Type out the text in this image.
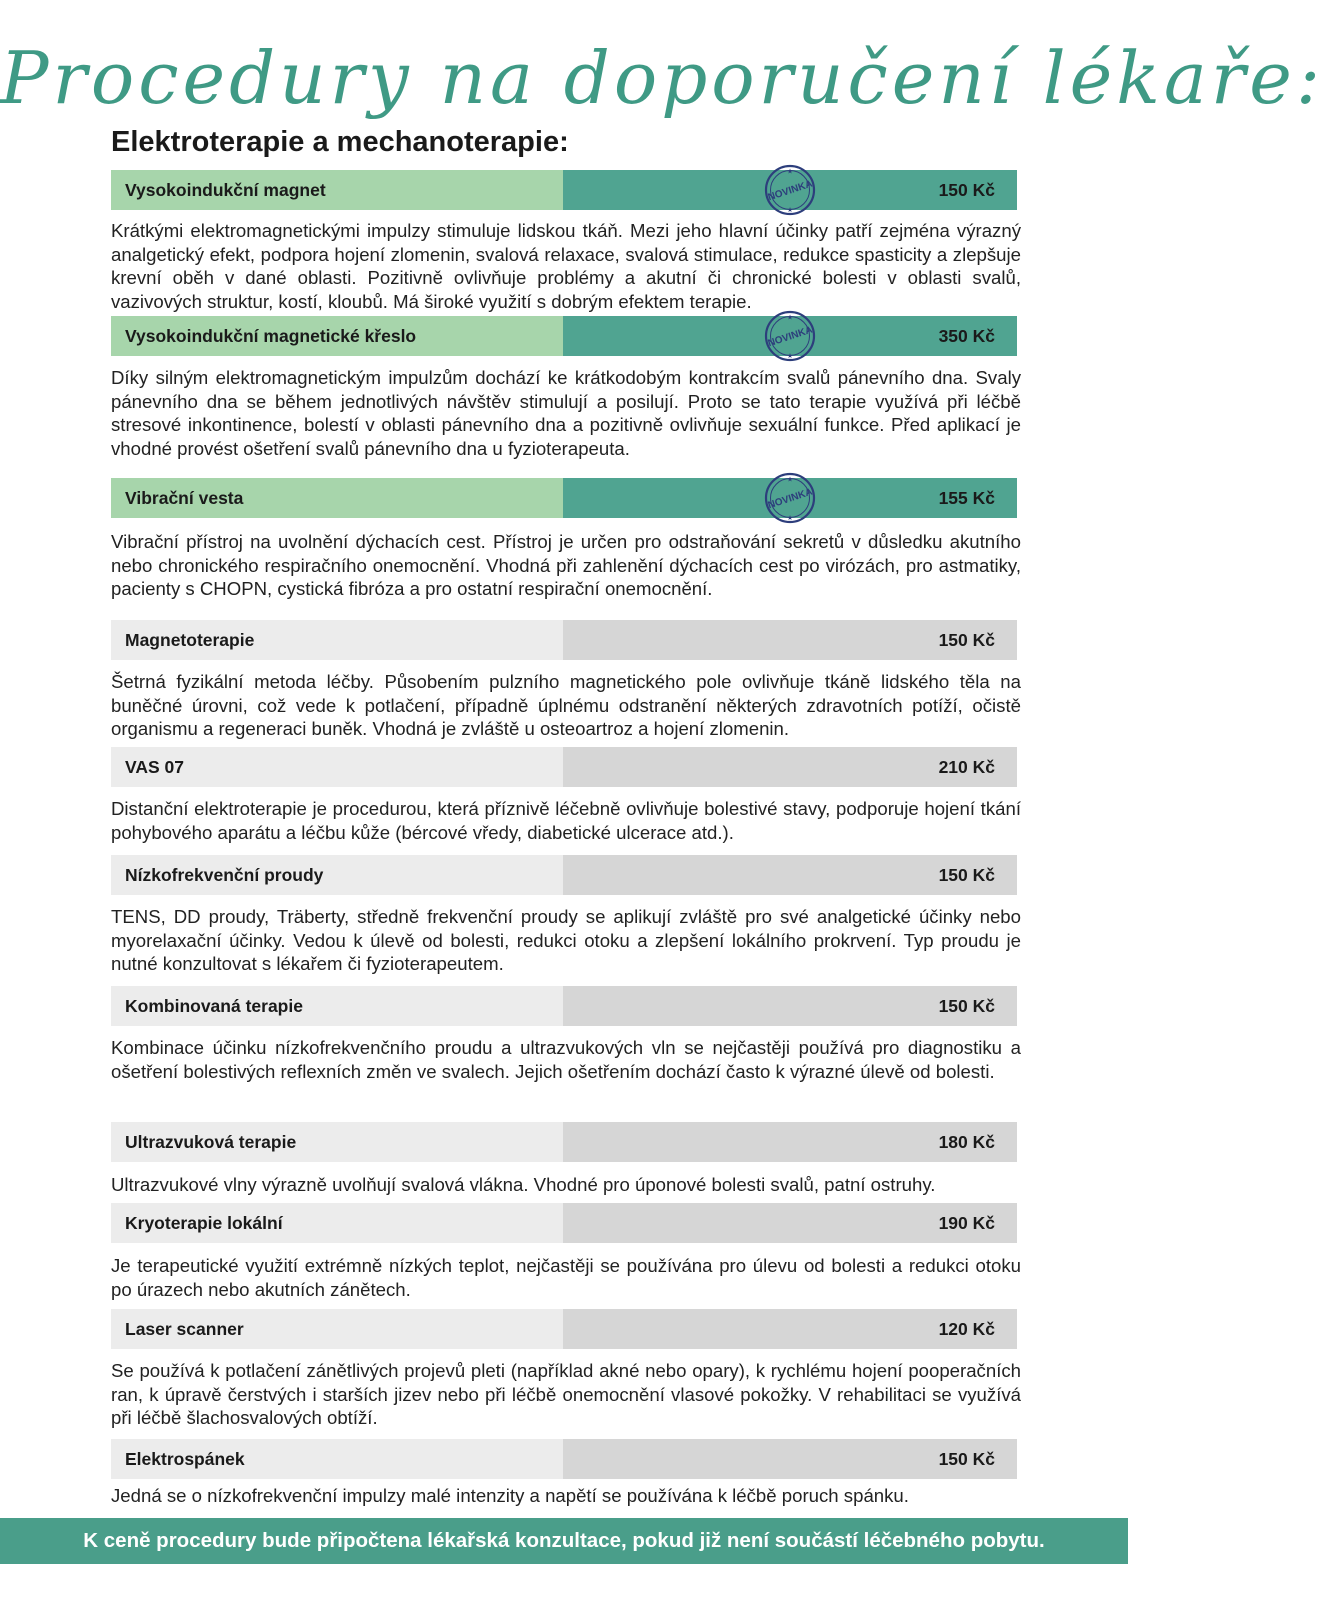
Procedury na doporučení lékaře:
Elektroterapie a mechanoterapie:
Vysokoindukční magnet	150 Kč
★
★
NOVINKA
Krátkými elektromagnetickými impulzy stimuluje lidskou tkáň. Mezi jeho hlavní účinky patří zejména výrazný analgetický efekt, podpora hojení zlomenin, svalová relaxace, svalová stimulace, redukce spasticity a zlepšuje krevní oběh v dané oblasti. Pozitivně ovlivňuje problémy a akutní či chronické bolesti v oblasti svalů, vazivových struktur, kostí, kloubů. Má široké využití s dobrým efektem terapie.
Vysokoindukční magnetické křeslo	350 Kč
★
★
NOVINKA
Díky silným elektromagnetickým impulzům dochází ke krátkodobým kontrakcím svalů pánevního dna. Svaly pánevního dna se během jednotlivých návštěv stimulují a posilují. Proto se tato terapie využívá při léčbě stresové inkontinence, bolestí v oblasti pánevního dna a pozitivně ovlivňuje sexuální funkce. Před aplikací je vhodné provést ošetření svalů pánevního dna u fyzioterapeuta.
Vibrační vesta	155 Kč
★
★
NOVINKA
Vibrační přístroj na uvolnění dýchacích cest. Přístroj je určen pro odstraňování sekretů v důsledku akutního nebo chronického respiračního onemocnění. Vhodná při zahlenění dýchacích cest po virózách, pro astmatiky, pacienty s CHOPN, cystická fibróza a pro ostatní respirační onemocnění.
Magnetoterapie	150 Kč
Šetrná fyzikální metoda léčby. Působením pulzního magnetického pole ovlivňuje tkáně lidského těla na buněčné úrovni, což vede k potlačení, případně úplnému odstranění některých zdravotních potíží, očistě organismu a regeneraci buněk. Vhodná je zvláště u osteoartroz a hojení zlomenin.
VAS 07	210 Kč
Distanční elektroterapie je procedurou, která příznivě léčebně ovlivňuje bolestivé stavy, podporuje hojení tkání pohybového aparátu a léčbu kůže (bércové vředy, diabetické ulcerace atd.).
Nízkofrekvenční proudy	150 Kč
TENS, DD proudy, Träberty, středně frekvenční proudy se aplikují zvláště pro své analgetické účinky nebo myorelaxační účinky. Vedou k úlevě od bolesti, redukci otoku a zlepšení lokálního prokrvení. Typ proudu je nutné konzultovat s lékařem či fyzioterapeutem.
Kombinovaná terapie	150 Kč
Kombinace účinku nízkofrekvenčního proudu a ultrazvukových vln se nejčastěji používá pro diagnostiku a ošetření bolestivých reflexních změn ve svalech. Jejich ošetřením dochází často k výrazné úlevě od bolesti.
Ultrazvuková terapie	180 Kč
Ultrazvukové vlny výrazně uvolňují svalová vlákna. Vhodné pro úponové bolesti svalů, patní ostruhy.
Kryoterapie lokální	190 Kč
Je terapeutické využití extrémně nízkých teplot, nejčastěji se používána pro úlevu od bolesti a redukci otoku po úrazech nebo akutních zánětech.
Laser scanner	120 Kč
Se používá k potlačení zánětlivých projevů pleti (například akné nebo opary), k rychlému hojení pooperačních ran, k úpravě čerstvých i starších jizev nebo při léčbě onemocnění vlasové pokožky. V rehabilitaci se využívá při léčbě šlachosvalových obtíží.
Elektrospánek	150 Kč
Jedná se o nízkofrekvenční impulzy malé intenzity a napětí se používána k léčbě poruch spánku.
K ceně procedury bude připočtena lékařská konzultace, pokud již není součástí léčebného pobytu.
